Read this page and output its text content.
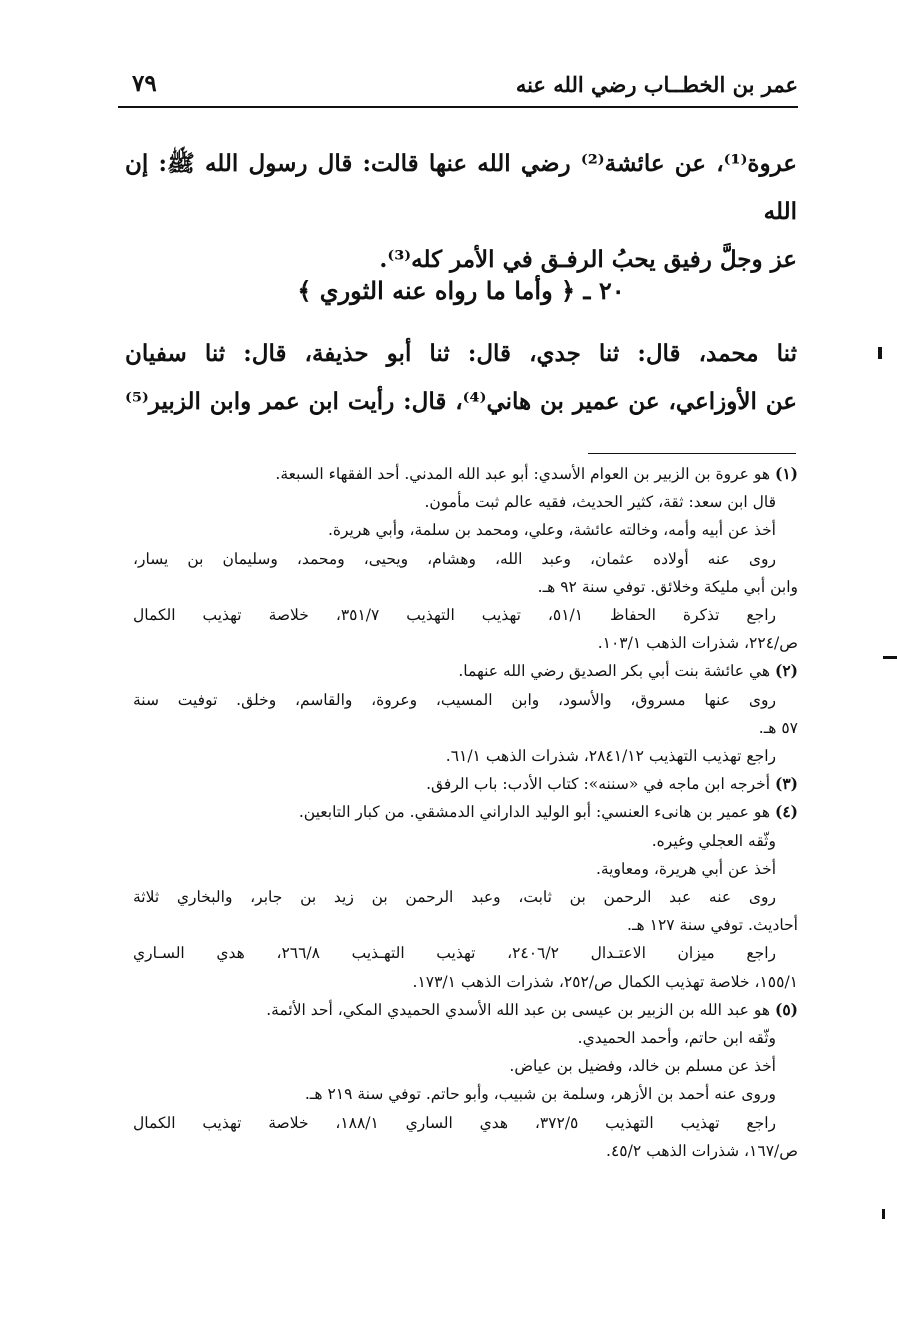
عمر بن الخطــاب رضي الله عنه
٧٩

عروة⁽¹⁾، عن عائشة⁽²⁾ رضي الله عنها قالت: قال رسول الله ﷺ: إن الله

عز وجلَّ رفيق يحبُ الرفـق في الأمر كله⁽³⁾.

٢٠ ـ ﴿ وأما ما رواه عنه الثوري ﴾

ثنا محمد، قال: ثنا جدي، قال: ثنا أبو حذيفة، قال: ثنا سفيان

عن الأوزاعي، عن عمير بن هاني⁽⁴⁾، قال: رأيت ابن عمر وابن الزبير⁽⁵⁾

(١) هو عروة بن الزبير بن العوام الأسدي: أبو عبد الله المدني. أحد الفقهاء السبعة.

قال ابن سعد: ثقة، كثير الحديث، فقيه عالم ثبت مأمون.

أخذ عن أبيه وأمه، وخالته عائشة، وعلي، ومحمد بن سلمة، وأبي هريرة.

روى عنه أولاده عثمان، وعبد الله، وهشام، ويحيى، ومحمد، وسليمان بن يسار،

وابن أبي مليكة وخلائق. توفي سنة ٩٢ هـ.

راجع تذكرة الحفاظ ٥١/١، تهذيب التهذيب ٣٥١/٧، خلاصة تهذيب الكمال

ص/٢٢٤، شذرات الذهب ١٠٣/١.

(٢) هي عائشة بنت أبي بكر الصديق رضي الله عنهما.

روى عنها مسروق، والأسود، وابن المسيب، وعروة، والقاسم، وخلق. توفيت سنة

٥٧ هـ.

راجع تهذيب التهذيب ٢٨٤١/١٢، شذرات الذهب ٦١/١.

(٣) أخرجه ابن ماجه في «سننه»: كتاب الأدب: باب الرفق.

(٤) هو عمير بن هانىء العنسي: أبو الوليد الداراني الدمشقي. من كبار التابعين.

وثّقه العجلي وغيره.

أخذ عن أبي هريرة، ومعاوية.

روى عنه عبد الرحمن بن ثابت، وعبد الرحمن بن زيد بن جابر، والبخاري ثلاثة

أحاديث. توفي سنة ١٢٧ هـ.

راجع ميزان الاعتـدال ٢٤٠٦/٢، تهذيب التهـذيب ٢٦٦/٨، هدي السـاري

١٥٥/١، خلاصة تهذيب الكمال ص/٢٥٢، شذرات الذهب ١٧٣/١.

(٥) هو عبد الله بن الزبير بن عيسى بن عبد الله الأسدي الحميدي المكي، أحد الأئمة.

وثّقه ابن حاتم، وأحمد الحميدي.

أخذ عن مسلم بن خالد، وفضيل بن عياض.

وروى عنه أحمد بن الأزهر، وسلمة بن شبيب، وأبو حاتم. توفي سنة ٢١٩ هـ.

راجع تهذيب التهذيب ٣٧٢/٥، هدي الساري ١٨٨/١، خلاصة تهذيب الكمال

ص/١٦٧، شذرات الذهب ٤٥/٢.
